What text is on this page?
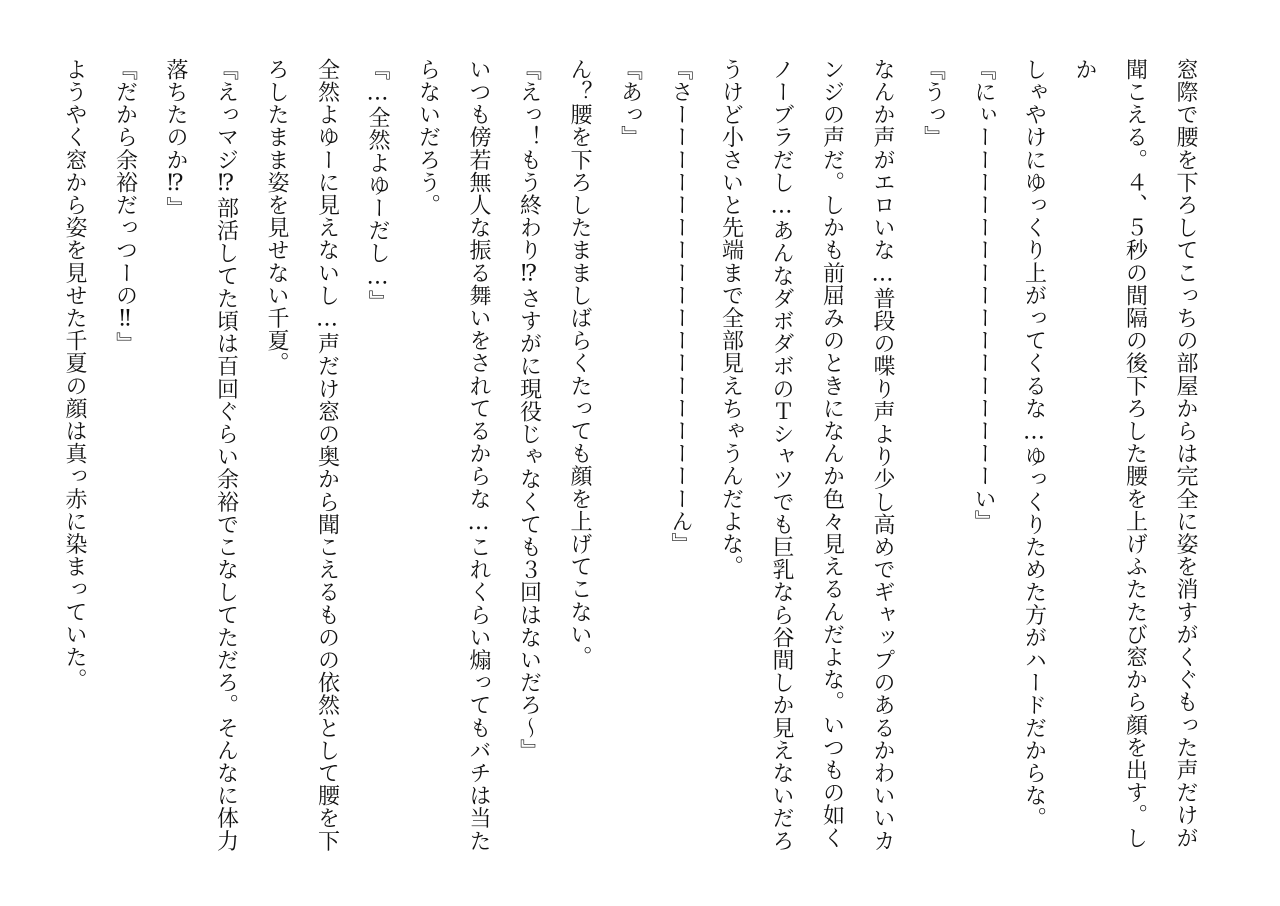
窓際で腰を下ろしてこっちの部屋からは完全に姿を消すがくぐもった声だけが
聞こえる。４、５秒の間隔の後下ろした腰を上げふたたび窓から顔を出す。しか
しゃやけにゆっくり上がってくるな…ゆっくりためた方がハードだからな。

『にぃーーーーーーーーーーーーーーーーい』

『うっ』

なんか声がエロいな…普段の喋り声より少し高めでギャップのあるかわいいカ
ンジの声だ。しかも前屈みのときになんか色々見えるんだよな。いつもの如く
ノーブラだし…あんなダボダボのＴシャツでも巨乳なら谷間しか見えないだろ
うけど小さいと先端まで全部見えちゃうんだよな。

『さーーーーーーーーーーーーーーーーーーん』

『あっ』

ん？腰を下ろしたまましばらくたっても顔を上げてこない。

『えっ！もう終わり⁉さすがに現役じゃなくても３回はないだろ〜』

いつも傍若無人な振る舞いをされてるからな…これくらい煽ってもバチは当た
らないだろう。

『…全然よゆーだし…』

全然よゆーに見えないし…声だけ窓の奥から聞こえるものの依然として腰を下
ろしたまま姿を見せない千夏。

『えっマジ⁉部活してた頃は百回ぐらい余裕でこなしてただろ。そんなに体力
落ちたのか⁉』

『だから余裕だっつーの‼』

ようやく窓から姿を見せた千夏の顔は真っ赤に染まっていた。
